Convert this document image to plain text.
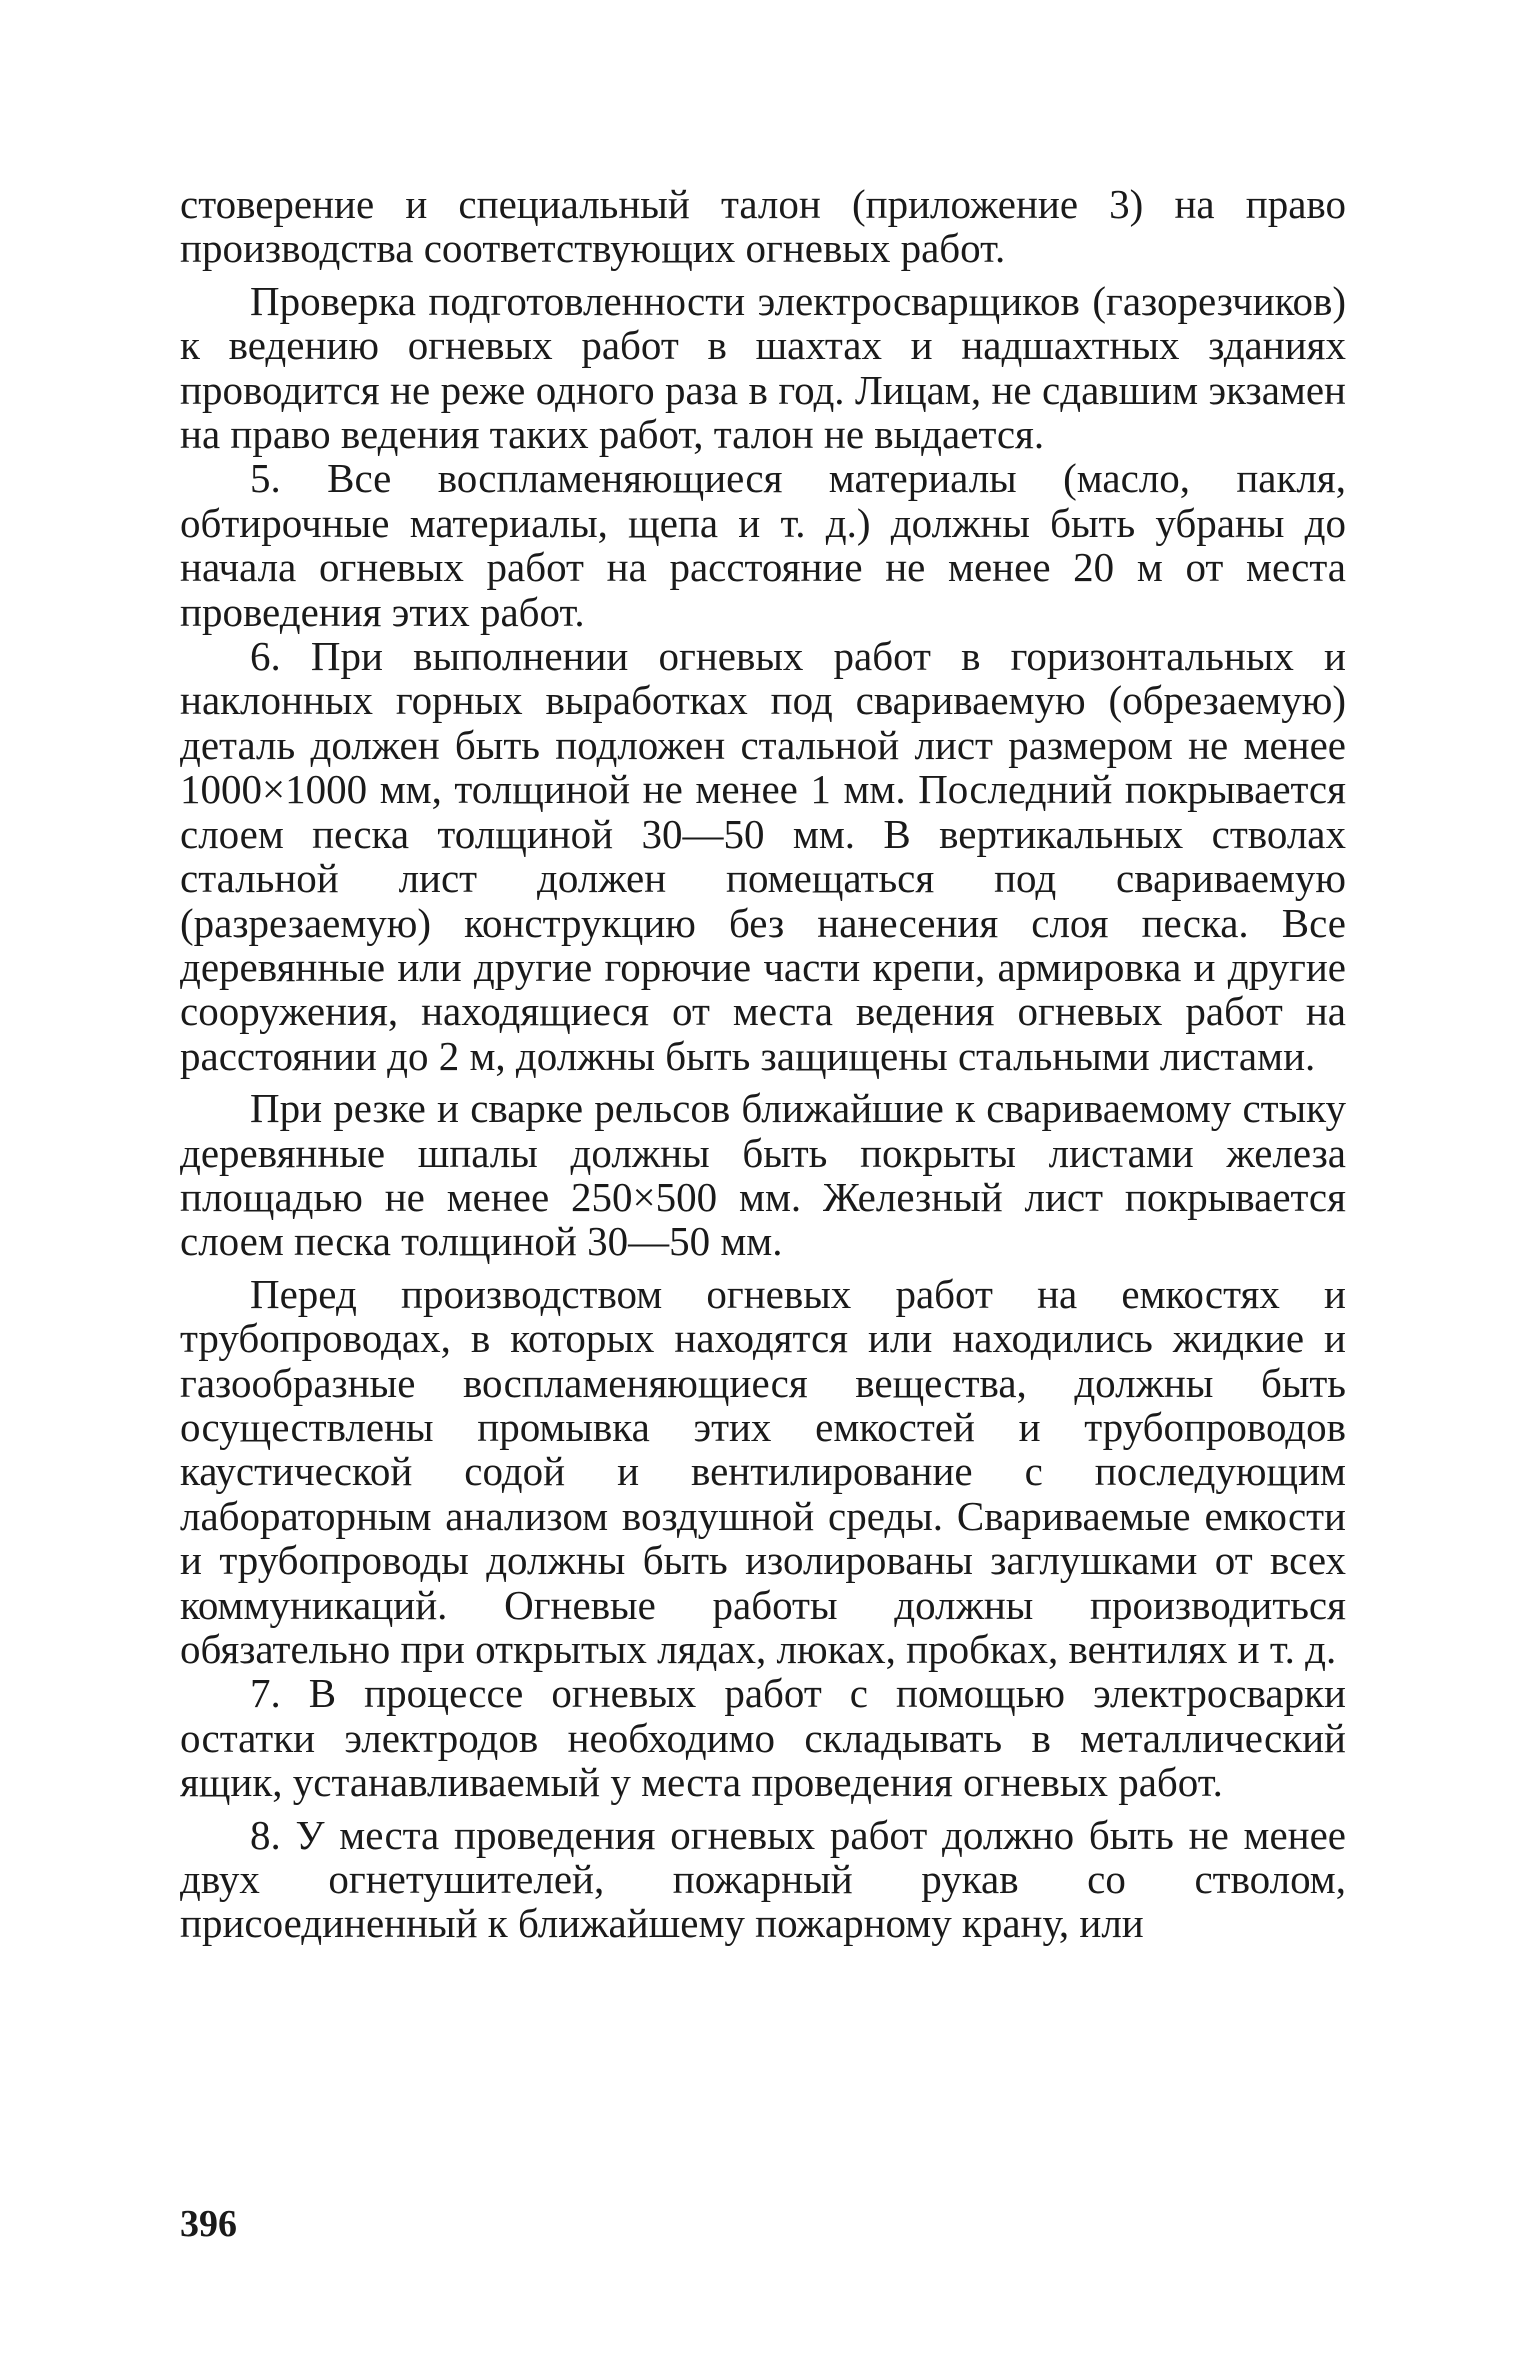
стоверение и специальный талон (приложение 3) на право производства соответствующих огневых работ.

Проверка подготовленности электросварщиков (газорезчиков) к ведению огневых работ в шахтах и надшахтных зданиях проводится не реже одного раза в год. Лицам, не сдавшим экзамен на право ведения таких работ, талон не выдается.

5. Все воспламеняющиеся материалы (масло, пакля, обтирочные материалы, щепа и т. д.) должны быть убраны до начала огневых работ на расстояние не менее 20 м от места проведения этих работ.

6. При выполнении огневых работ в горизонтальных и наклонных горных выработках под свариваемую (обрезаемую) деталь должен быть подложен стальной лист размером не менее 1000×1000 мм, толщиной не менее 1 мм. Последний покрывается слоем песка толщиной 30—50 мм. В вертикальных стволах стальной лист должен помещаться под свариваемую (разрезаемую) конструкцию без нанесения слоя песка. Все деревянные или другие горючие части крепи, армировка и другие сооружения, находящиеся от места ведения огневых работ на расстоянии до 2 м, должны быть защищены стальными листами.

При резке и сварке рельсов ближайшие к свариваемому стыку деревянные шпалы должны быть покрыты листами железа площадью не менее 250×500 мм. Железный лист покрывается слоем песка толщиной 30—50 мм.

Перед производством огневых работ на емкостях и трубопроводах, в которых находятся или находились жидкие и газообразные воспламеняющиеся вещества, должны быть осуществлены промывка этих емкостей и трубопроводов каустической содой и вентилирование с последующим лабораторным анализом воздушной среды. Свариваемые емкости и трубопроводы должны быть изолированы заглушками от всех коммуникаций. Огневые работы должны производиться обязательно при открытых лядах, люках, пробках, вентилях и т. д.

7. В процессе огневых работ с помощью электросварки остатки электродов необходимо складывать в металлический ящик, устанавливаемый у места проведения огневых работ.

8. У места проведения огневых работ должно быть не менее двух огнетушителей, пожарный рукав со стволом, присоединенный к ближайшему пожарному крану, или

396
